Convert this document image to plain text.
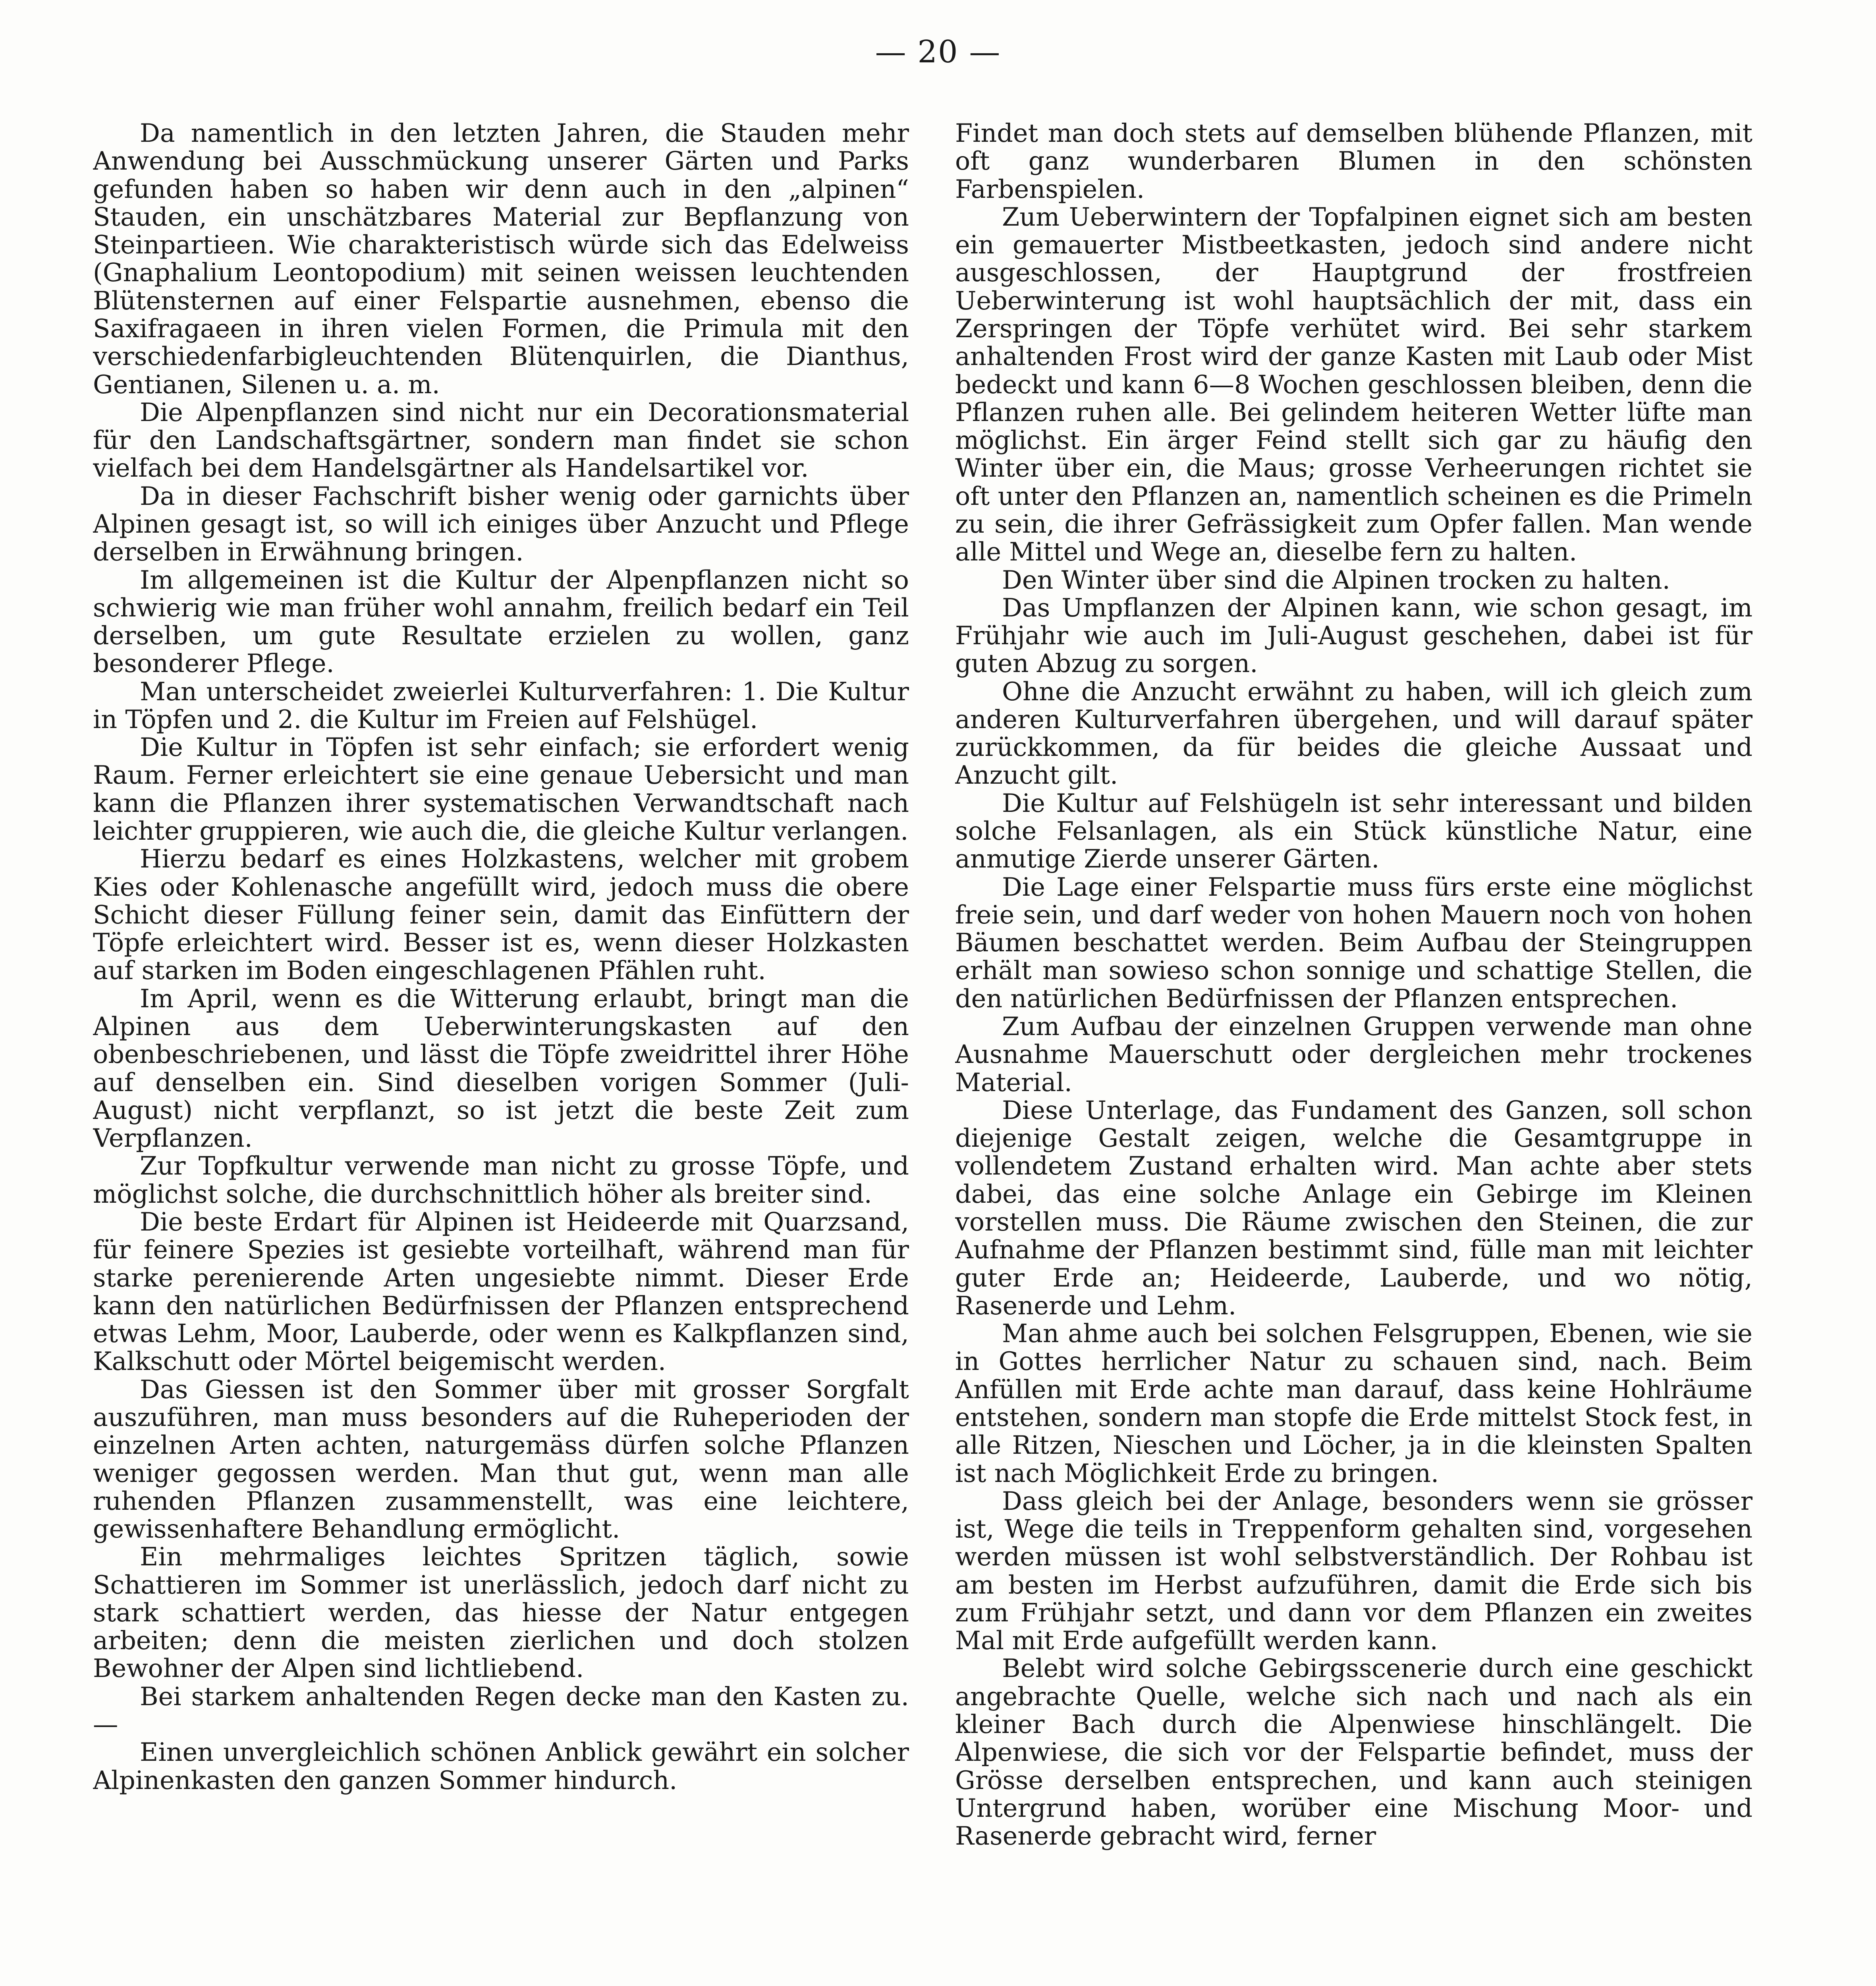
— 20 —

Da namentlich in den letzten Jahren, die Stauden mehr Anwendung bei Ausschmückung unserer Gärten und Parks gefunden haben so haben wir denn auch in den „alpinen“ Stauden, ein unschätzbares Material zur Bepflanzung von Steinpartieen. Wie charakteristisch würde sich das Edelweiss (Gnaphalium Leontopodium) mit seinen weissen leuchtenden Blütensternen auf einer Felspartie ausnehmen, ebenso die Saxifragaeen in ihren vielen Formen, die Primula mit den verschiedenfarbigleuchtenden Blütenquirlen, die Dianthus, Gentianen, Silenen u. a. m.

Die Alpenpflanzen sind nicht nur ein Decorationsmaterial für den Landschaftsgärtner, sondern man findet sie schon vielfach bei dem Handelsgärtner als Handelsartikel vor.

Da in dieser Fachschrift bisher wenig oder garnichts über Alpinen gesagt ist, so will ich einiges über Anzucht und Pflege derselben in Erwähnung bringen.

Im allgemeinen ist die Kultur der Alpenpflanzen nicht so schwierig wie man früher wohl annahm, freilich bedarf ein Teil derselben, um gute Resultate erzielen zu wollen, ganz besonderer Pflege.

Man unterscheidet zweierlei Kulturverfahren: 1. Die Kultur in Töpfen und 2. die Kultur im Freien auf Felshügel.

Die Kultur in Töpfen ist sehr einfach; sie erfordert wenig Raum. Ferner erleichtert sie eine genaue Uebersicht und man kann die Pflanzen ihrer systematischen Verwandtschaft nach leichter gruppieren, wie auch die, die gleiche Kultur verlangen.

Hierzu bedarf es eines Holzkastens, welcher mit grobem Kies oder Kohlenasche angefüllt wird, jedoch muss die obere Schicht dieser Füllung feiner sein, damit das Einfüttern der Töpfe erleichtert wird. Besser ist es, wenn dieser Holzkasten auf starken im Boden eingeschlagenen Pfählen ruht.

Im April, wenn es die Witterung erlaubt, bringt man die Alpinen aus dem Ueberwinterungskasten auf den obenbeschriebenen, und lässt die Töpfe zweidrittel ihrer Höhe auf denselben ein. Sind dieselben vorigen Sommer (Juli-August) nicht verpflanzt, so ist jetzt die beste Zeit zum Verpflanzen.

Zur Topfkultur verwende man nicht zu grosse Töpfe, und möglichst solche, die durchschnittlich höher als breiter sind.

Die beste Erdart für Alpinen ist Heideerde mit Quarzsand, für feinere Spezies ist gesiebte vorteilhaft, während man für starke perenierende Arten ungesiebte nimmt. Dieser Erde kann den natürlichen Bedürfnissen der Pflanzen entsprechend etwas Lehm, Moor, Lauberde, oder wenn es Kalkpflanzen sind, Kalkschutt oder Mörtel beigemischt werden.

Das Giessen ist den Sommer über mit grosser Sorgfalt auszuführen, man muss besonders auf die Ruheperioden der einzelnen Arten achten, naturgemäss dürfen solche Pflanzen weniger gegossen werden. Man thut gut, wenn man alle ruhenden Pflanzen zusammenstellt, was eine leichtere, gewissenhaftere Behandlung ermöglicht.

Ein mehrmaliges leichtes Spritzen täglich, sowie Schattieren im Sommer ist unerlässlich, jedoch darf nicht zu stark schattiert werden, das hiesse der Natur entgegen arbeiten; denn die meisten zierlichen und doch stolzen Bewohner der Alpen sind lichtliebend.

Bei starkem anhaltenden Regen decke man den Kasten zu. —

Einen unvergleichlich schönen Anblick gewährt ein solcher Alpinenkasten den ganzen Sommer hindurch.

Findet man doch stets auf demselben blühende Pflanzen, mit oft ganz wunderbaren Blumen in den schönsten Farbenspielen.

Zum Ueberwintern der Topfalpinen eignet sich am besten ein gemauerter Mistbeetkasten, jedoch sind andere nicht ausgeschlossen, der Hauptgrund der frostfreien Ueberwinterung ist wohl hauptsächlich der mit, dass ein Zerspringen der Töpfe verhütet wird. Bei sehr starkem anhaltenden Frost wird der ganze Kasten mit Laub oder Mist bedeckt und kann 6—8 Wochen geschlossen bleiben, denn die Pflanzen ruhen alle. Bei gelindem heiteren Wetter lüfte man möglichst. Ein ärger Feind stellt sich gar zu häufig den Winter über ein, die Maus; grosse Verheerungen richtet sie oft unter den Pflanzen an, namentlich scheinen es die Primeln zu sein, die ihrer Gefrässigkeit zum Opfer fallen. Man wende alle Mittel und Wege an, dieselbe fern zu halten.

Den Winter über sind die Alpinen trocken zu halten.

Das Umpflanzen der Alpinen kann, wie schon gesagt, im Frühjahr wie auch im Juli-August geschehen, dabei ist für guten Abzug zu sorgen.

Ohne die Anzucht erwähnt zu haben, will ich gleich zum anderen Kulturverfahren übergehen, und will darauf später zurückkommen, da für beides die gleiche Aussaat und Anzucht gilt.

Die Kultur auf Felshügeln ist sehr interessant und bilden solche Felsanlagen, als ein Stück künstliche Natur, eine anmutige Zierde unserer Gärten.

Die Lage einer Felspartie muss fürs erste eine möglichst freie sein, und darf weder von hohen Mauern noch von hohen Bäumen beschattet werden. Beim Aufbau der Steingruppen erhält man sowieso schon sonnige und schattige Stellen, die den natürlichen Bedürfnissen der Pflanzen entsprechen.

Zum Aufbau der einzelnen Gruppen verwende man ohne Ausnahme Mauerschutt oder dergleichen mehr trockenes Material.

Diese Unterlage, das Fundament des Ganzen, soll schon diejenige Gestalt zeigen, welche die Gesamtgruppe in vollendetem Zustand erhalten wird. Man achte aber stets dabei, das eine solche Anlage ein Gebirge im Kleinen vorstellen muss. Die Räume zwischen den Steinen, die zur Aufnahme der Pflanzen bestimmt sind, fülle man mit leichter guter Erde an; Heideerde, Lauberde, und wo nötig, Rasenerde und Lehm.

Man ahme auch bei solchen Felsgruppen, Ebenen, wie sie in Gottes herrlicher Natur zu schauen sind, nach. Beim Anfüllen mit Erde achte man darauf, dass keine Hohlräume entstehen, sondern man stopfe die Erde mittelst Stock fest, in alle Ritzen, Nieschen und Löcher, ja in die kleinsten Spalten ist nach Möglichkeit Erde zu bringen.

Dass gleich bei der Anlage, besonders wenn sie grösser ist, Wege die teils in Treppenform gehalten sind, vorgesehen werden müssen ist wohl selbstverständlich. Der Rohbau ist am besten im Herbst aufzuführen, damit die Erde sich bis zum Frühjahr setzt, und dann vor dem Pflanzen ein zweites Mal mit Erde aufgefüllt werden kann.

Belebt wird solche Gebirgsscenerie durch eine geschickt angebrachte Quelle, welche sich nach und nach als ein kleiner Bach durch die Alpenwiese hinschlängelt. Die Alpenwiese, die sich vor der Felspartie befindet, muss der Grösse derselben entsprechen, und kann auch steinigen Untergrund haben, worüber eine Mischung Moor- und Rasenerde gebracht wird, ferner
